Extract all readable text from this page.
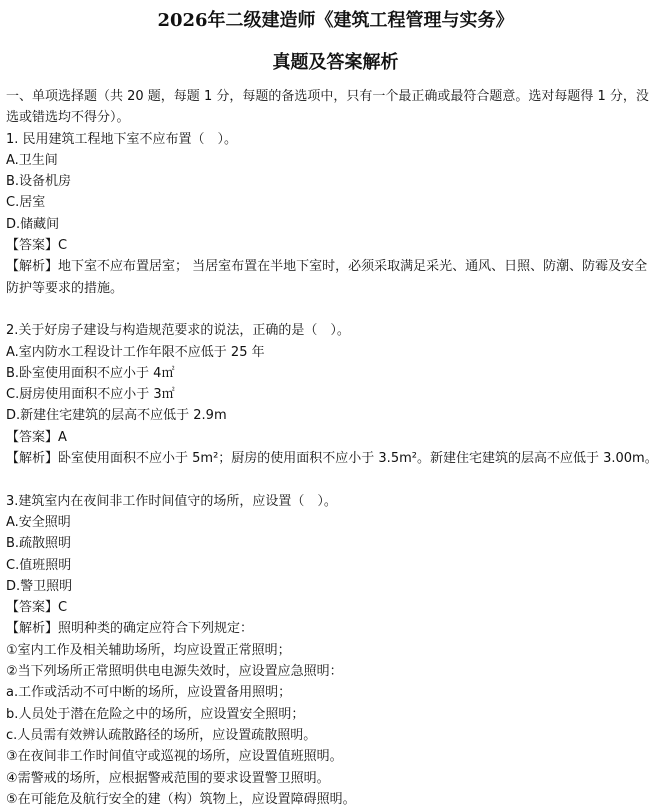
2026年二级建造师《建筑工程管理与实务》
真题及答案解析
一、单项选择题（共 20 题，每题 1 分，每题的备选项中，只有一个最正确或最符合题意。选对每题得 1 分，没选或错选均不得分）。
1. 民用建筑工程地下室不应布置（　）。
A.卫生间
B.设备机房
C.居室
D.储藏间
【答案】C
【解析】地下室不应布置居室； 当居室布置在半地下室时，必须采取满足采光、通风、日照、防潮、防霉及安全防护等要求的措施。
2.关于好房子建设与构造规范要求的说法，正确的是（　）。
A.室内防水工程设计工作年限不应低于 25 年
B.卧室使用面积不应小于 4㎡
C.厨房使用面积不应小于 3㎡
D.新建住宅建筑的层高不应低于 2.9m
【答案】A
【解析】卧室使用面积不应小于 5m²；厨房的使用面积不应小于 3.5m²。新建住宅建筑的层高不应低于 3.00m。
3.建筑室内在夜间非工作时间值守的场所，应设置（　）。
A.安全照明
B.疏散照明
C.值班照明
D.警卫照明
【答案】C
【解析】照明种类的确定应符合下列规定：
①室内工作及相关辅助场所，均应设置正常照明；
②当下列场所正常照明供电电源失效时，应设置应急照明：
a.工作或活动不可中断的场所，应设置备用照明；
b.人员处于潜在危险之中的场所，应设置安全照明；
c.人员需有效辨认疏散路径的场所，应设置疏散照明。
③在夜间非工作时间值守或巡视的场所，应设置值班照明。
④需警戒的场所，应根据警戒范围的要求设置警卫照明。
⑤在可能危及航行安全的建（构）筑物上，应设置障碍照明。
